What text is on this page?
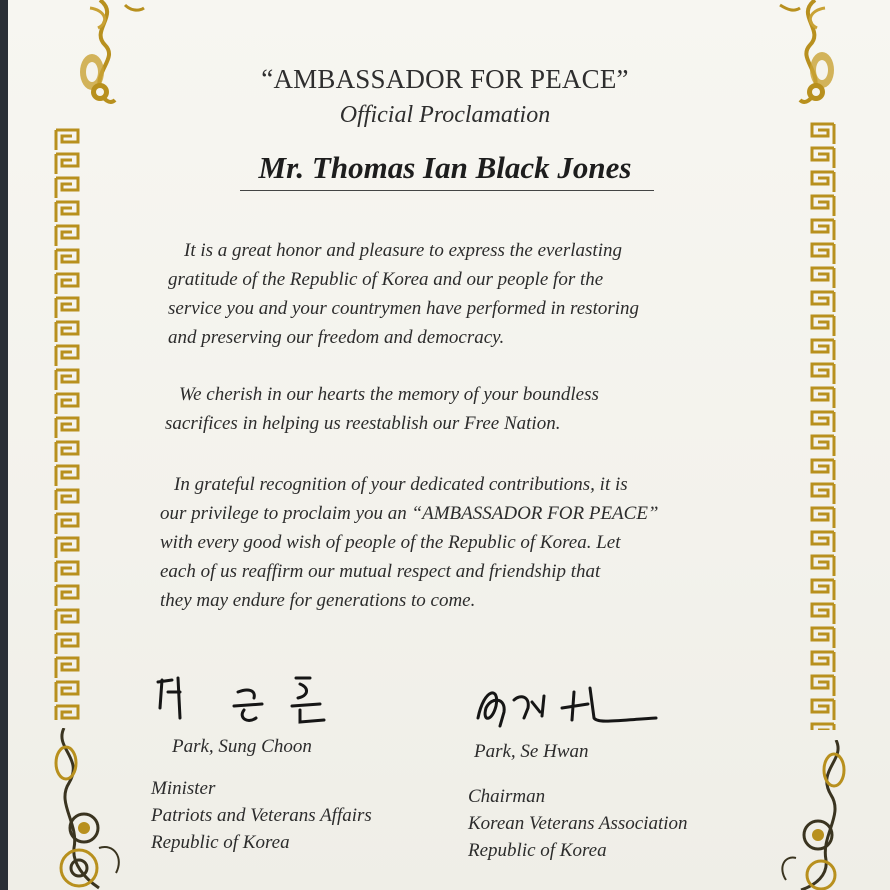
“AMBASSADOR FOR PEACE”
Official Proclamation
Mr. Thomas Ian Black Jones
It is a great honor and pleasure to express the everlasting
gratitude of the Republic of Korea and our people for the
service you and your countrymen have performed in restoring
and preserving our freedom and democracy.
We cherish in our hearts the memory of your boundless
sacrifices in helping us reestablish our Free Nation.
In grateful recognition of your dedicated contributions, it is
our privilege to proclaim you an “AMBASSADOR FOR PEACE”
with every good wish of people of the Republic of Korea. Let
each of us reaffirm our mutual respect and friendship that
they may endure for generations to come.
Park, Sung Choon
Minister
Patriots and Veterans Affairs
Republic of Korea
Park, Se Hwan
Chairman
Korean Veterans Association
Republic of Korea
